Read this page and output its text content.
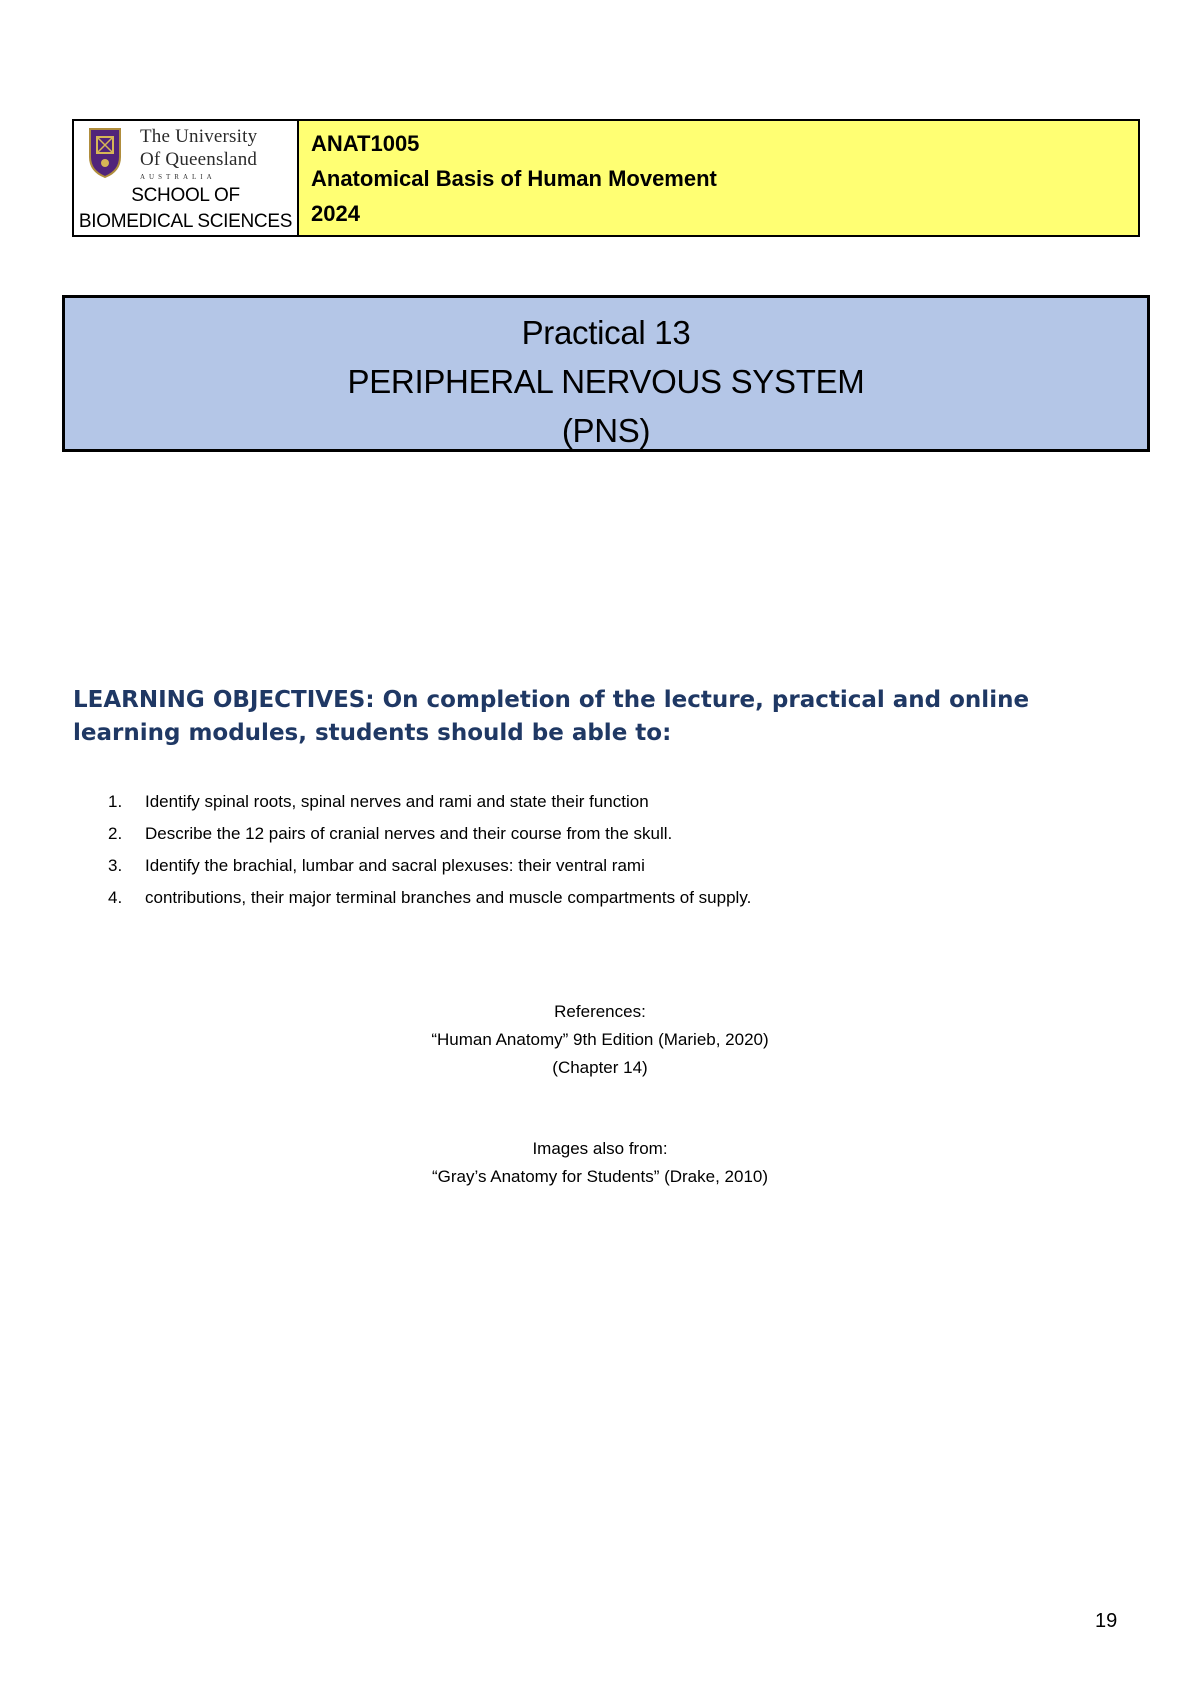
The University
Of Queensland
AUSTRALIA
SCHOOL OF
BIOMEDICAL SCIENCES
ANAT1005
Anatomical Basis of Human Movement
2024
Practical 13
PERIPHERAL NERVOUS SYSTEM
(PNS)
LEARNING OBJECTIVES: On completion of the lecture, practical and online
learning modules, students should be able to:
1.	Identify spinal roots, spinal nerves and rami and state their function
2.	Describe the 12 pairs of cranial nerves and their course from the skull.
3.	Identify the brachial, lumbar and sacral plexuses: their ventral rami
4.	contributions, their major terminal branches and muscle compartments of supply.
References:
“Human Anatomy” 9th Edition (Marieb, 2020)
(Chapter 14)
Images also from:
“Gray’s Anatomy for Students” (Drake, 2010)
19
